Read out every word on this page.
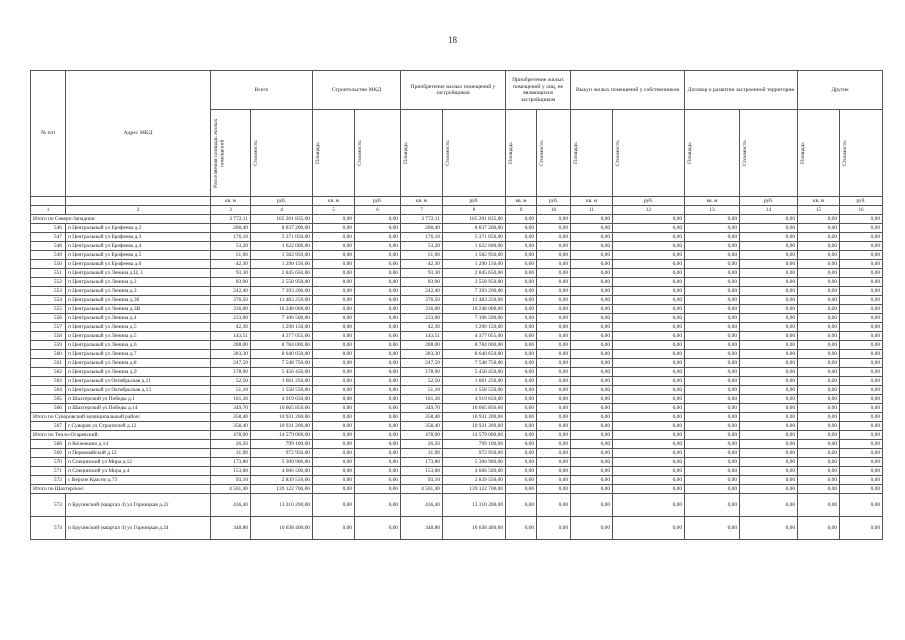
18
№ п/п	Адрес МКД	Всего		Строительство МКД		Приобретение жилых помещений у застройщиков		Приобретение жилых помещений у лиц, не являющихся застройщиком		Выкуп жилых помещений у собственников		Договор о развитии застроенной территории		Другие	

		Расселяемая площадь жилых помещений	Стоимость	Площадь	Стоимость	Площадь	Стоимость	Площадь	Стоимость	Площадь	Стоимость	Площадь	Стоимость	Площадь	Стоимость

		кв. м	руб.	кв. м	руб.	кв. м	руб.	кв. м	руб.	кв. м	руб.	кв. м	руб.	кв. м	руб.
1	2	3	4	5	6	7	8	9	10	11	12	13	14	15	16
Итого по Северо-Западное:		3 772,11	165 201 835,00	0,00	0,00	3 772,11	165 201 835,00	0,00	0,00	0,00	0,00	0,00	0,00	0,00	0,00
546	п Центральный ул Ерофеева д.2	200,40	8 837 200,00	0,00	0,00	200,40	8 837 200,00	0,00	0,00	0,00	0,00	0,00	0,00	0,00	0,00
547	п Центральный ул Ерофеева д.3	176,10	5 371 050,00	0,00	0,00	176,10	5 371 050,00	0,00	0,00	0,00	0,00	0,00	0,00	0,00	0,00
548	п Центральный ул Ерофеева д.4	53,20	1 622 600,00	0,00	0,00	53,20	1 622 600,00	0,00	0,00	0,00	0,00	0,00	0,00	0,00	0,00
549	п Центральный ул Ерофеева д.5	51,90	1 582 950,00	0,00	0,00	51,90	1 582 950,00	0,00	0,00	0,00	0,00	0,00	0,00	0,00	0,00
550	п Центральный ул Ерофеева д.6	42,30	1 290 150,00	0,00	0,00	42,30	1 290 150,00	0,00	0,00	0,00	0,00	0,00	0,00	0,00	0,00
551	п Центральный ул Ленина д.Ц. 1	93,30	2 845 650,00	0,00	0,00	93,30	2 845 650,00	0,00	0,00	0,00	0,00	0,00	0,00	0,00	0,00
552	п Центральный ул Ленина д.2	83,90	2 558 950,00	0,00	0,00	83,90	2 558 950,00	0,00	0,00	0,00	0,00	0,00	0,00	0,00	0,00
553	п Центральный ул Ленина д.3	242,40	7 393 200,00	0,00	0,00	242,40	7 393 200,00	0,00	0,00	0,00	0,00	0,00	0,00	0,00	0,00
554	п Центральный ул Ленина д.3б	376,50	11 483 250,00	0,00	0,00	376,50	11 483 250,00	0,00	0,00	0,00	0,00	0,00	0,00	0,00	0,00
555	п Центральный ул Ленина д.3В	336,00	10 248 000,00	0,00	0,00	336,00	10 248 000,00	0,00	0,00	0,00	0,00	0,00	0,00	0,00	0,00
556	п Центральный ул Ленина д.4	233,00	7 106 500,00	0,00	0,00	233,00	7 106 500,00	0,00	0,00	0,00	0,00	0,00	0,00	0,00	0,00
557	п Центральный ул Ленина д.5	42,30	1 290 150,00	0,00	0,00	42,30	1 290 150,00	0,00	0,00	0,00	0,00	0,00	0,00	0,00	0,00
558	п Центральный ул Ленина д.5	143,51	4 377 055,00	0,00	0,00	143,51	4 377 055,00	0,00	0,00	0,00	0,00	0,00	0,00	0,00	0,00
559	п Центральный ул Ленина д.6	288,00	8 784 000,00	0,00	0,00	288,00	8 784 000,00	0,00	0,00	0,00	0,00	0,00	0,00	0,00	0,00
560	п Центральный ул Ленина д.7	283,30	8 640 650,00	0,00	0,00	283,30	8 640 650,00	0,00	0,00	0,00	0,00	0,00	0,00	0,00	0,00
561	п Центральный ул Ленина д.8	247,50	7 548 750,00	0,00	0,00	247,50	7 548 750,00	0,00	0,00	0,00	0,00	0,00	0,00	0,00	0,00
562	п Центральный ул Ленина д.9	178,90	5 456 450,00	0,00	0,00	178,90	5 456 450,00	0,00	0,00	0,00	0,00	0,00	0,00	0,00	0,00
563	п Центральный ул Октябрьская д.11	52,50	1 601 250,00	0,00	0,00	52,50	1 601 250,00	0,00	0,00	0,00	0,00	0,00	0,00	0,00	0,00
564	п Центральный ул Октябрьская д.13	51,10	1 558 550,00	0,00	0,00	51,10	1 558 550,00	0,00	0,00	0,00	0,00	0,00	0,00	0,00	0,00
565	п Шахтерский ул Победы д.1	161,30	4 919 650,00	0,00	0,00	161,30	4 919 650,00	0,00	0,00	0,00	0,00	0,00	0,00	0,00	0,00
566	п Шахтерский ул Победы д.14	349,70	10 665 850,00	0,00	0,00	349,70	10 665 850,00	0,00	0,00	0,00	0,00	0,00	0,00	0,00	0,00
Итого по Суворовский муниципальный район:		358,40	10 931 200,00	0,00	0,00	358,40	10 931 200,00	0,00	0,00	0,00	0,00	0,00	0,00	0,00	0,00
567	г Суворов ул Строителей д.12	358,40	10 931 200,00	0,00	0,00	358,40	10 931 200,00	0,00	0,00	0,00	0,00	0,00	0,00	0,00	0,00
Итого по Тепло-Огаревский:		478,00	14 579 000,00	0,00	0,00	478,00	14 579 000,00	0,00	0,00	0,00	0,00	0,00	0,00	0,00	0,00
568	п Коченкино д.14	26,20	799 100,00	0,00	0,00	26,20	799 100,00	0,00	0,00	0,00	0,00	0,00	0,00	0,00	0,00
569	п Первомайский д.12	31,90	972 950,00	0,00	0,00	31,90	972 950,00	0,00	0,00	0,00	0,00	0,00	0,00	0,00	0,00
570	п Специнский ул Мира д.12	173,80	5 300 900,00	0,00	0,00	173,80	5 300 900,00	0,00	0,00	0,00	0,00	0,00	0,00	0,00	0,00
571	п Специнский ул Мира д.4	153,00	4 666 500,00	0,00	0,00	153,00	4 666 500,00	0,00	0,00	0,00	0,00	0,00	0,00	0,00	0,00
572	с Верхне Красно д.73	93,10	2 839 550,00	0,00	0,00	93,10	2 839 550,00	0,00	0,00	0,00	0,00	0,00	0,00	0,00	0,00
Итого по Шахтерское:		4 561,40	139 122 700,00	0,00	0,00	4 561,40	139 122 700,00	0,00	0,00	0,00	0,00	0,00	0,00	0,00	0,00
573	п Брусянский (квартал 4) ул Горницкая д.22	436,40	13 310 200,00	0,00	0,00	436,40	13 310 200,00	0,00	0,00	0,00	0,00	0,00	0,00	0,00	0,00
574	п Брусянский (квартал 4) ул Горницкая д.24	348,80	10 638 400,00	0,00	0,00	348,80	10 638 400,00	0,00	0,00	0,00	0,00	0,00	0,00	0,00	0,00
